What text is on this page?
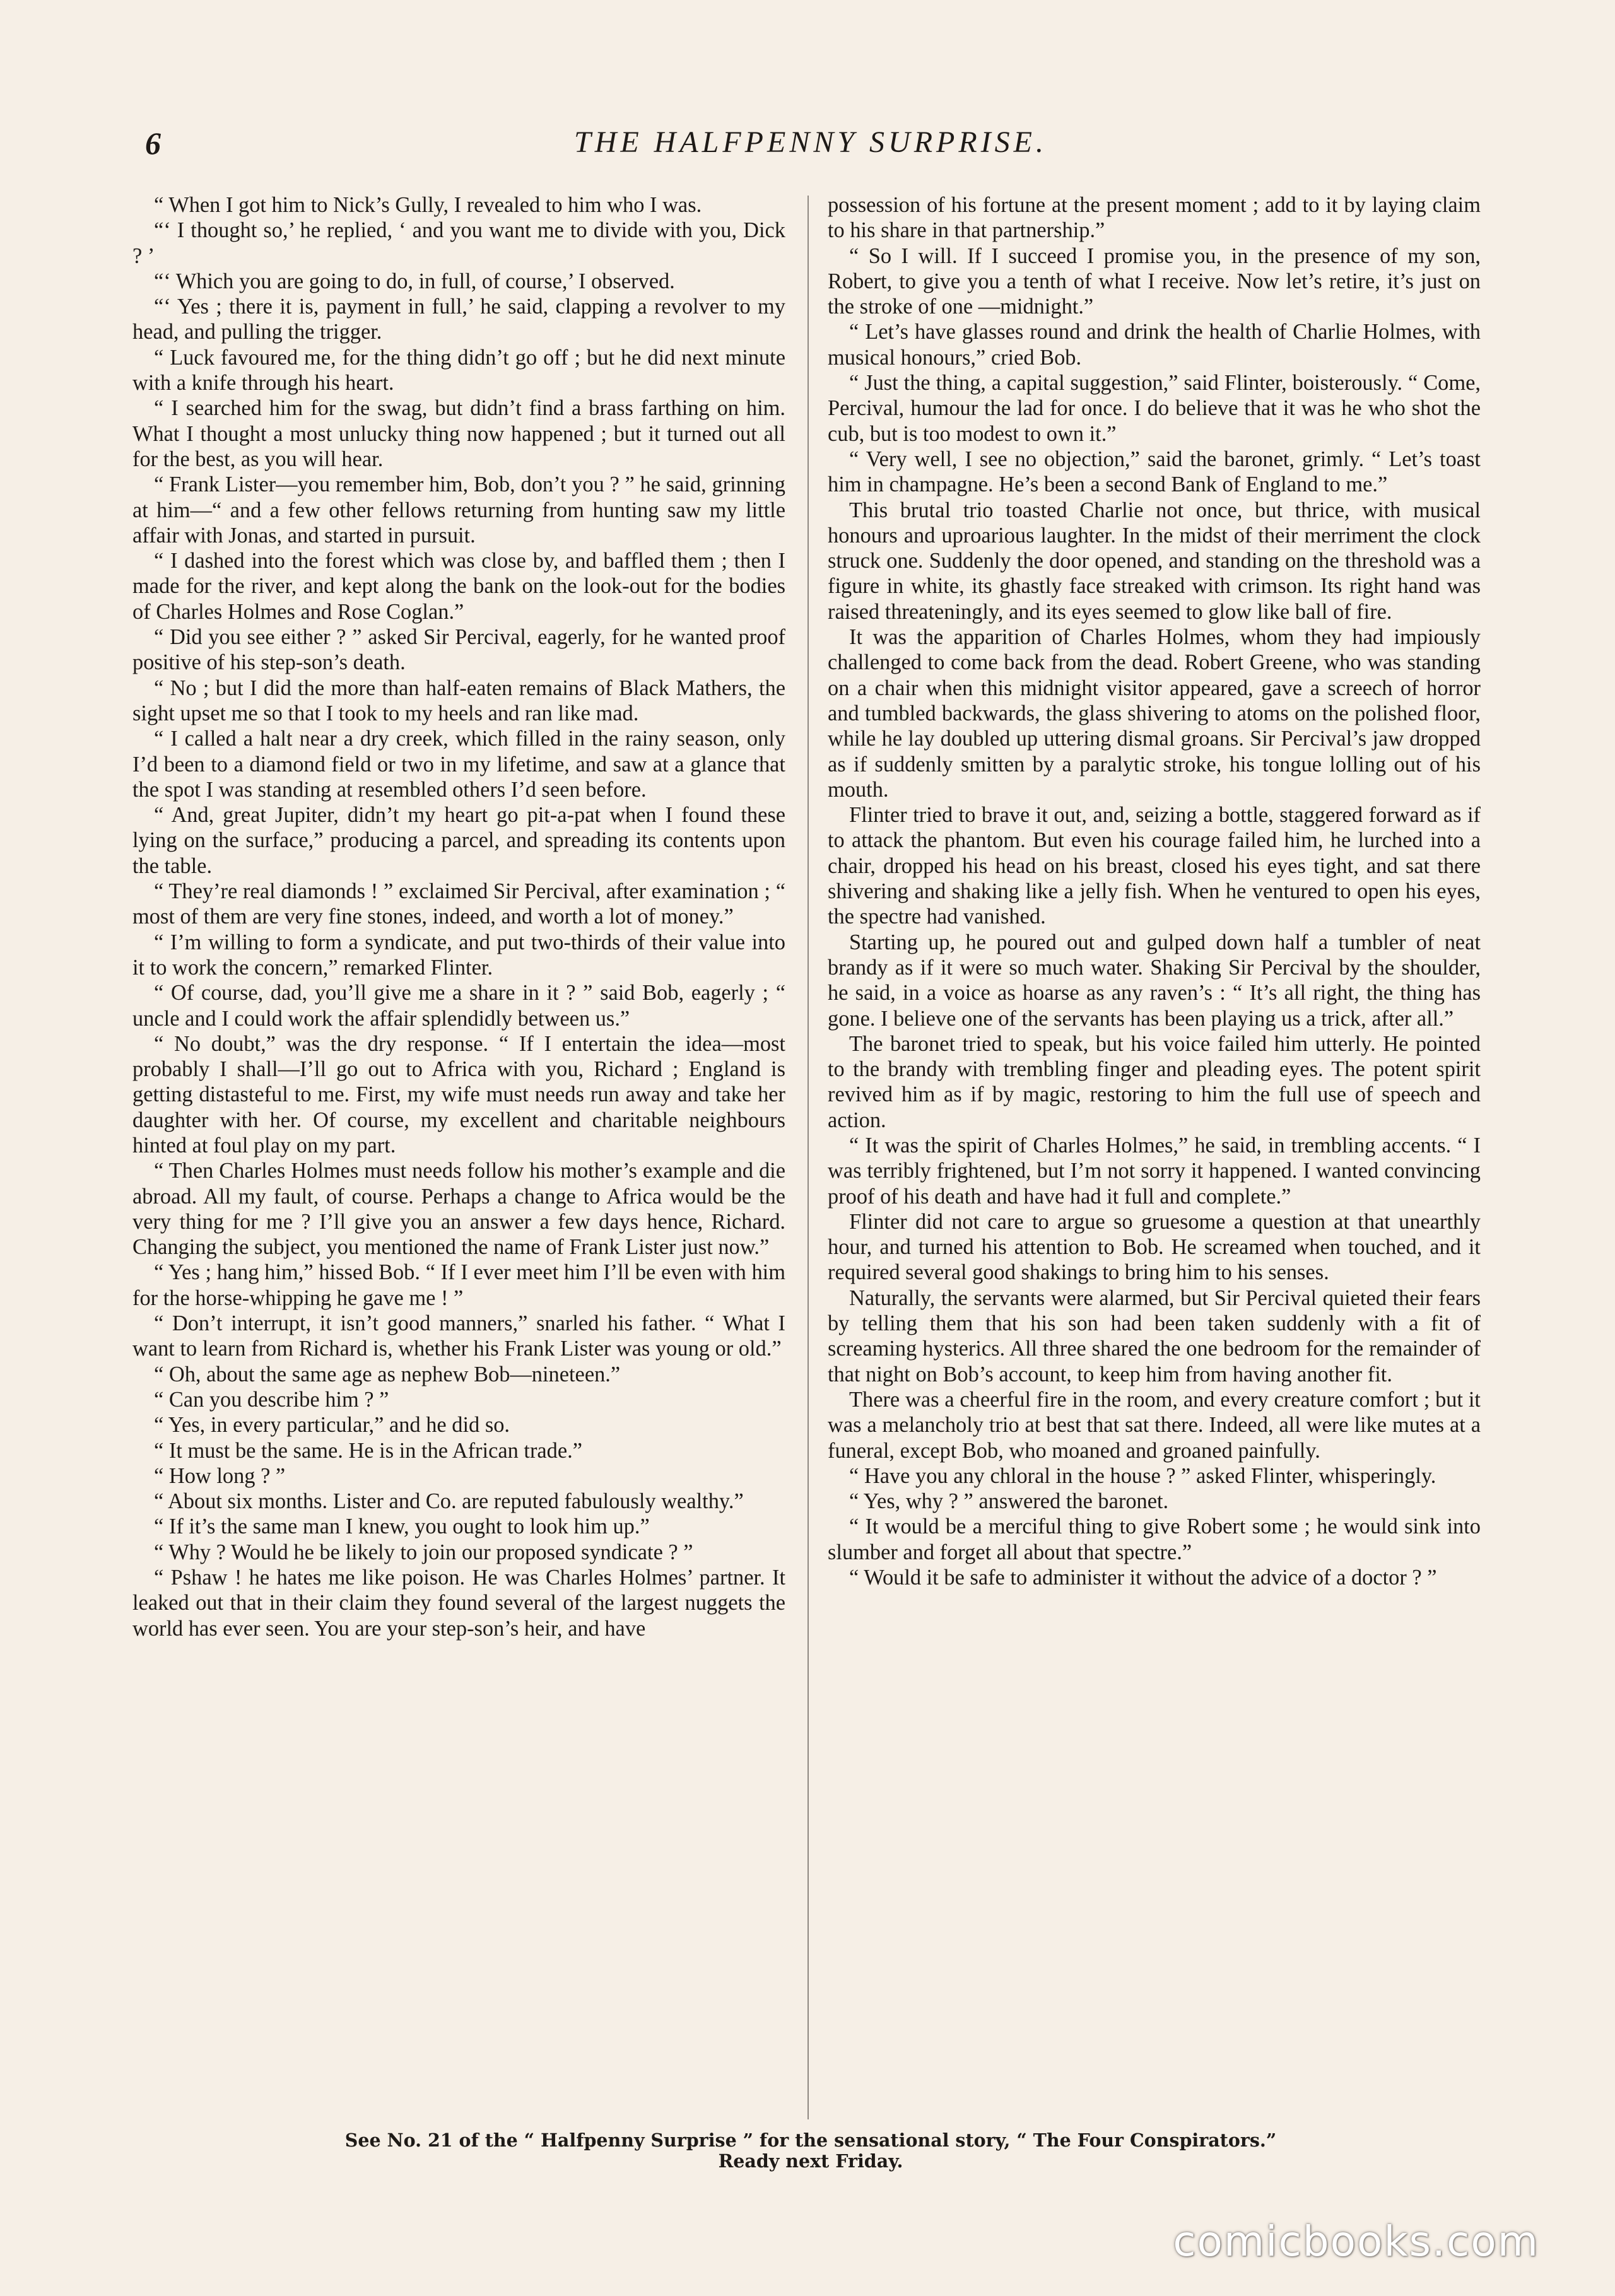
6	THE HALFPENNY SURPRISE.

“ When I got him to Nick’s Gully, I revealed to him who I was.

“‘ I thought so,’ he replied, ‘ and you want me to divide with you, Dick ? ’

“‘ Which you are going to do, in full, of course,’ I observed.

“‘ Yes ; there it is, payment in full,’ he said, clapping a revolver to my head, and pulling the trigger.

“ Luck favoured me, for the thing didn’t go off ; but he did next minute with a knife through his heart.

“ I searched him for the swag, but didn’t find a brass farthing on him. What I thought a most unlucky thing now happened ; but it turned out all for the best, as you will hear.

“ Frank Lister—you remember him, Bob, don’t you ? ” he said, grinning at him—“ and a few other fellows returning from hunting saw my little affair with Jonas, and started in pursuit.

“ I dashed into the forest which was close by, and baffled them ; then I made for the river, and kept along the bank on the look-out for the bodies of Charles Holmes and Rose Coglan.”

“ Did you see either ? ” asked Sir Percival, eagerly, for he wanted proof positive of his step-son’s death.

“ No ; but I did the more than half-eaten remains of Black Mathers, the sight upset me so that I took to my heels and ran like mad.

“ I called a halt near a dry creek, which filled in the rainy season, only I’d been to a diamond field or two in my lifetime, and saw at a glance that the spot I was standing at resembled others I’d seen before.

“ And, great Jupiter, didn’t my heart go pit-a-pat when I found these lying on the surface,” producing a parcel, and spreading its contents upon the table.

“ They’re real diamonds ! ” exclaimed Sir Percival, after examination ; “ most of them are very fine stones, indeed, and worth a lot of money.”

“ I’m willing to form a syndicate, and put two-thirds of their value into it to work the concern,” remarked Flinter.

“ Of course, dad, you’ll give me a share in it ? ” said Bob, eagerly ; “ uncle and I could work the affair splendidly between us.”

“ No doubt,” was the dry response. “ If I entertain the idea—most probably I shall—I’ll go out to Africa with you, Richard ; England is getting distasteful to me. First, my wife must needs run away and take her daughter with her. Of course, my excellent and charitable neighbours hinted at foul play on my part.

“ Then Charles Holmes must needs follow his mother’s example and die abroad. All my fault, of course. Perhaps a change to Africa would be the very thing for me ? I’ll give you an answer a few days hence, Richard. Changing the subject, you mentioned the name of Frank Lister just now.”

“ Yes ; hang him,” hissed Bob. “ If I ever meet him I’ll be even with him for the horse-whipping he gave me ! ”

“ Don’t interrupt, it isn’t good manners,” snarled his father. “ What I want to learn from Richard is, whether his Frank Lister was young or old.”

“ Oh, about the same age as nephew Bob—nineteen.”

“ Can you describe him ? ”

“ Yes, in every particular,” and he did so.

“ It must be the same. He is in the African trade.”

“ How long ? ”

“ About six months. Lister and Co. are reputed fabulously wealthy.”

“ If it’s the same man I knew, you ought to look him up.”

“ Why ? Would he be likely to join our proposed syndicate ? ”

“ Pshaw ! he hates me like poison. He was Charles Holmes’ partner. It leaked out that in their claim they found several of the largest nuggets the world has ever seen. You are your step-son’s heir, and have

possession of his fortune at the present moment ; add to it by laying claim to his share in that partnership.”

“ So I will. If I succeed I promise you, in the presence of my son, Robert, to give you a tenth of what I receive. Now let’s retire, it’s just on the stroke of one —midnight.”

“ Let’s have glasses round and drink the health of Charlie Holmes, with musical honours,” cried Bob.

“ Just the thing, a capital suggestion,” said Flinter, boisterously. “ Come, Percival, humour the lad for once. I do believe that it was he who shot the cub, but is too modest to own it.”

“ Very well, I see no objection,” said the baronet, grimly. “ Let’s toast him in champagne. He’s been a second Bank of England to me.”

This brutal trio toasted Charlie not once, but thrice, with musical honours and uproarious laughter. In the midst of their merriment the clock struck one. Suddenly the door opened, and standing on the threshold was a figure in white, its ghastly face streaked with crimson. Its right hand was raised threateningly, and its eyes seemed to glow like ball of fire.

It was the apparition of Charles Holmes, whom they had impiously challenged to come back from the dead. Robert Greene, who was standing on a chair when this midnight visitor appeared, gave a screech of horror and tumbled backwards, the glass shivering to atoms on the polished floor, while he lay doubled up uttering dismal groans. Sir Percival’s jaw dropped as if suddenly smitten by a paralytic stroke, his tongue lolling out of his mouth.

Flinter tried to brave it out, and, seizing a bottle, staggered forward as if to attack the phantom. But even his courage failed him, he lurched into a chair, dropped his head on his breast, closed his eyes tight, and sat there shivering and shaking like a jelly fish. When he ventured to open his eyes, the spectre had vanished.

Starting up, he poured out and gulped down half a tumbler of neat brandy as if it were so much water. Shaking Sir Percival by the shoulder, he said, in a voice as hoarse as any raven’s : “ It’s all right, the thing has gone. I believe one of the servants has been playing us a trick, after all.”

The baronet tried to speak, but his voice failed him utterly. He pointed to the brandy with trembling finger and pleading eyes. The potent spirit revived him as if by magic, restoring to him the full use of speech and action.

“ It was the spirit of Charles Holmes,” he said, in trembling accents. “ I was terribly frightened, but I’m not sorry it happened. I wanted convincing proof of his death and have had it full and complete.”

Flinter did not care to argue so gruesome a question at that unearthly hour, and turned his attention to Bob. He screamed when touched, and it required several good shakings to bring him to his senses.

Naturally, the servants were alarmed, but Sir Percival quieted their fears by telling them that his son had been taken suddenly with a fit of screaming hysterics. All three shared the one bedroom for the remainder of that night on Bob’s account, to keep him from having another fit.

There was a cheerful fire in the room, and every creature comfort ; but it was a melancholy trio at best that sat there. Indeed, all were like mutes at a funeral, except Bob, who moaned and groaned painfully.

“ Have you any chloral in the house ? ” asked Flinter, whisperingly.

“ Yes, why ? ” answered the baronet.

“ It would be a merciful thing to give Robert some ; he would sink into slumber and forget all about that spectre.”

“ Would it be safe to administer it without the advice of a doctor ? ”

See No. 21 of the “ Halfpenny Surprise ” for the sensational story, “ The Four Conspirators.”
Ready next Friday.
comicbooks.com
